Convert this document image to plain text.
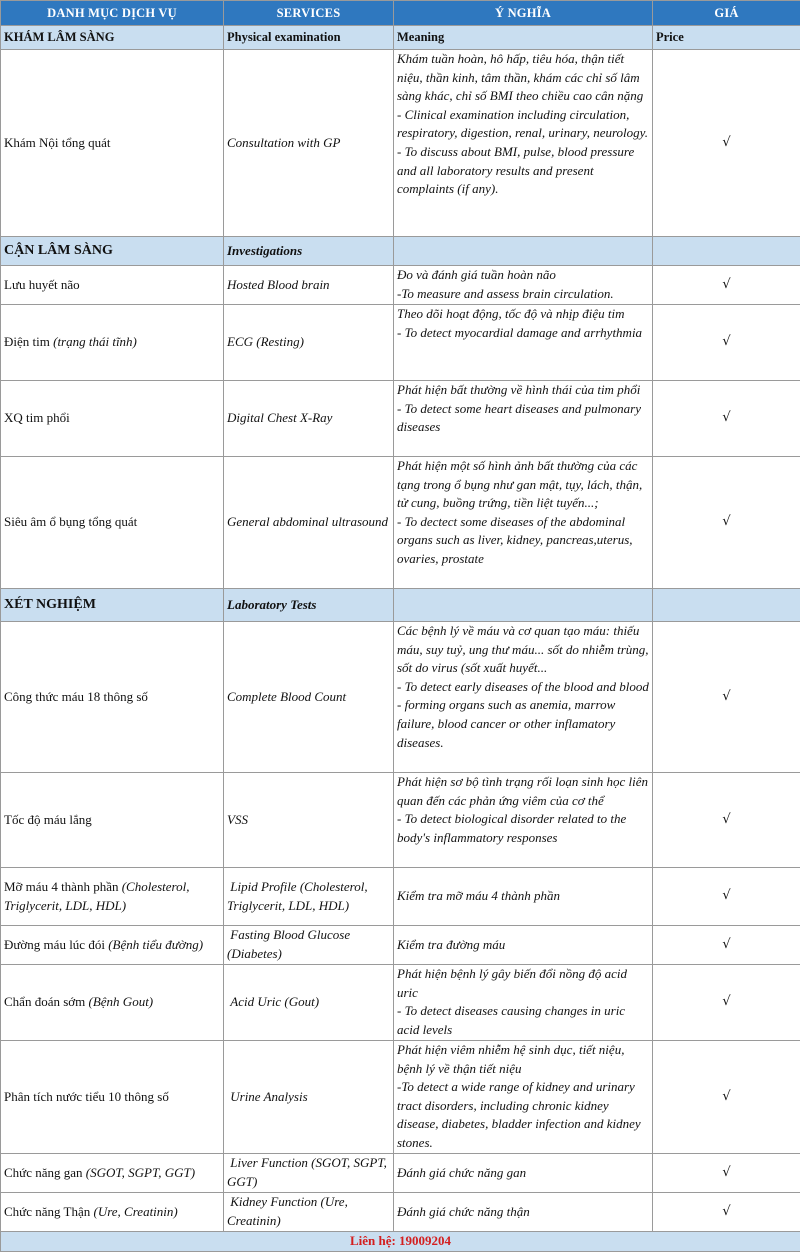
DANH MỤC DỊCH VỤ	SERVICES	Ý NGHĨA	GIÁ
KHÁM LÂM SÀNG	Physical examination	Meaning	Price
Khám Nội tổng quát	Consultation with GP	Khám tuần hoàn, hô hấp, tiêu hóa, thận tiết niệu, thần kinh, tâm thần, khám các chỉ số lâm sàng khác, chỉ số BMI theo chiều cao cân nặng
- Clinical examination including circulation, respiratory, digestion, renal, urinary, neurology.
- To discuss about BMI, pulse, blood pressure and all laboratory results and present complaints (if any).	√
CẬN LÂM SÀNG	Investigations		
Lưu huyết não	Hosted Blood brain	Đo và đánh giá tuần hoàn não
-To measure and assess brain circulation.	√
Điện tim (trạng thái tĩnh)	ECG (Resting)	Theo dõi hoạt động, tốc độ và nhịp điệu tim
- To detect myocardial damage and arrhythmia	√
XQ tim phổi	Digital Chest X-Ray	Phát hiện bất thường về hình thái của tim phổi
- To detect some heart diseases and pulmonary diseases	√
Siêu âm ổ bụng tổng quát	General abdominal ultrasound	Phát hiện một số hình ảnh bất thường của các tạng trong ổ bụng như gan mật, tụy, lách, thận, tử cung, buồng trứng, tiền liệt tuyến...;
- To dectect some diseases of the abdominal organs such as liver, kidney, pancreas,uterus, ovaries, prostate	√
XÉT NGHIỆM	Laboratory Tests		
Công thức máu 18 thông số	Complete Blood Count	Các bệnh lý về máu và cơ quan tạo máu: thiếu máu, suy tuỷ, ung thư máu... sốt do nhiễm trùng, sốt do virus (sốt xuất huyết...
- To detect early diseases of the blood and blood - forming organs such as anemia, marrow failure, blood cancer or other inflamatory diseases.	√
Tốc độ máu lắng	VSS	Phát hiện sơ bộ tình trạng rối loạn sinh học liên quan đến các phản ứng viêm của cơ thể
- To detect biological disorder related to the body's inflammatory responses	√
Mỡ máu 4 thành phần (Cholesterol, Triglycerit, LDL, HDL)	Lipid Profile (Cholesterol, Triglycerit, LDL, HDL)	Kiểm tra mỡ máu 4 thành phần	√
Đường máu lúc đói (Bệnh tiểu đường)	Fasting Blood Glucose (Diabetes)	Kiểm tra đường máu	√
Chẩn đoán sớm (Bệnh Gout)	Acid Uric (Gout)	Phát hiện bệnh lý gây biến đổi nồng độ acid uric
- To detect diseases causing changes in uric acid levels	√
Phân tích nước tiểu 10 thông số	Urine Analysis	Phát hiện viêm nhiễm hệ sinh dục, tiết niệu, bệnh lý về thận tiết niệu
-To detect a wide range of kidney and urinary tract disorders, including chronic kidney disease, diabetes, bladder infection and kidney stones.	√
Chức năng gan (SGOT, SGPT, GGT)	Liver Function (SGOT, SGPT, GGT)	Đánh giá chức năng gan	√
Chức năng Thận (Ure, Creatinin)	Kidney Function (Ure, Creatinin)	Đánh giá chức năng thận	√
Liên hệ: 19009204			
